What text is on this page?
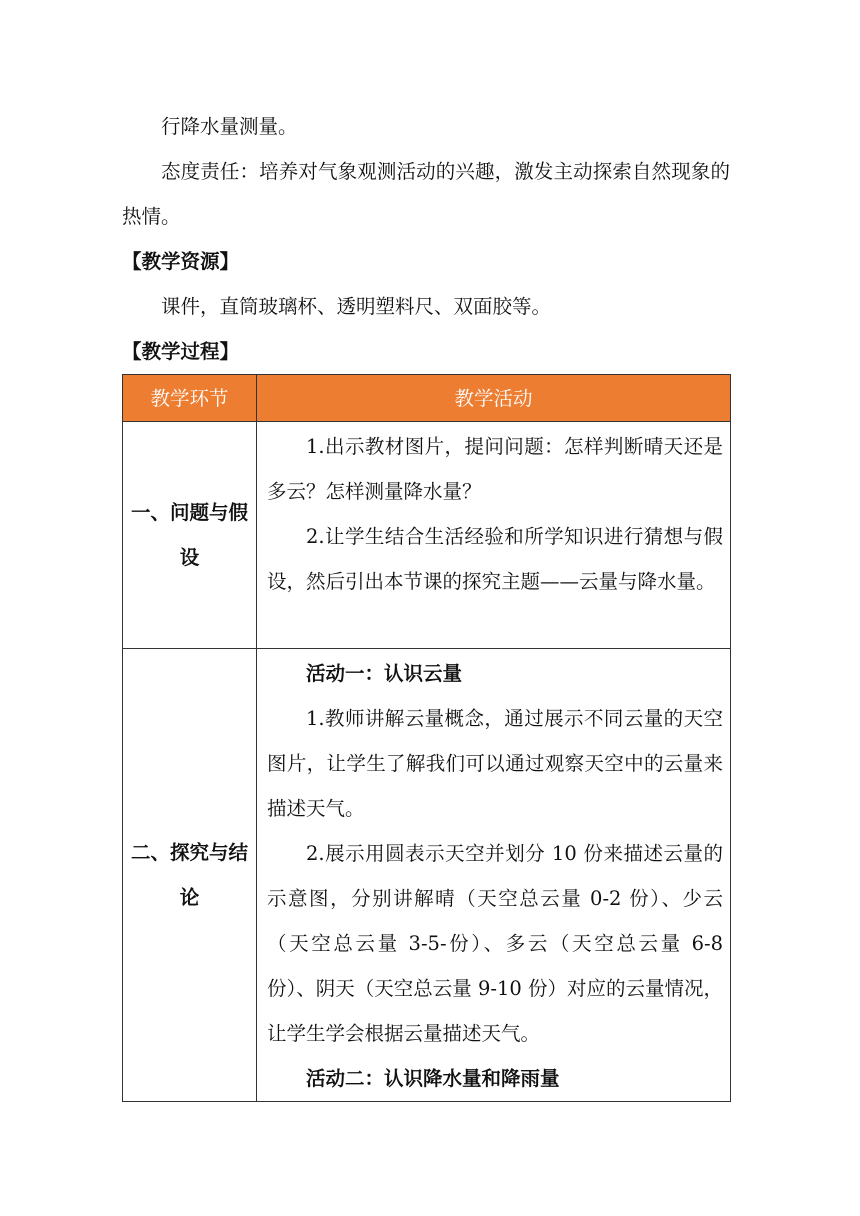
行降水量测量。

态度责任：培养对气象观测活动的兴趣，激发主动探索自然现象的热情。

【教学资源】

课件，直筒玻璃杯、透明塑料尺、双面胶等。

【教学过程】

教学环节	教学活动
一、问题与假设	1.出示教材图片，提问问题：怎样判断晴天还是多云？怎样测量降水量？

2.让学生结合生活经验和所学知识进行猜想与假设，然后引出本节课的探究主题——云量与降水量。

二、探究与结论	活动一：认识云量

1.教师讲解云量概念，通过展示不同云量的天空图片，让学生了解我们可以通过观察天空中的云量来描述天气。

2.展示用圆表示天空并划分 10 份来描述云量的示意图，分别讲解晴（天空总云量 0-2 份）、少云（天空总云量 3-5-份）、多云（天空总云量 6-8 份）、阴天（天空总云量 9-10 份）对应的云量情况，让学生学会根据云量描述天气。

活动二：认识降水量和降雨量
